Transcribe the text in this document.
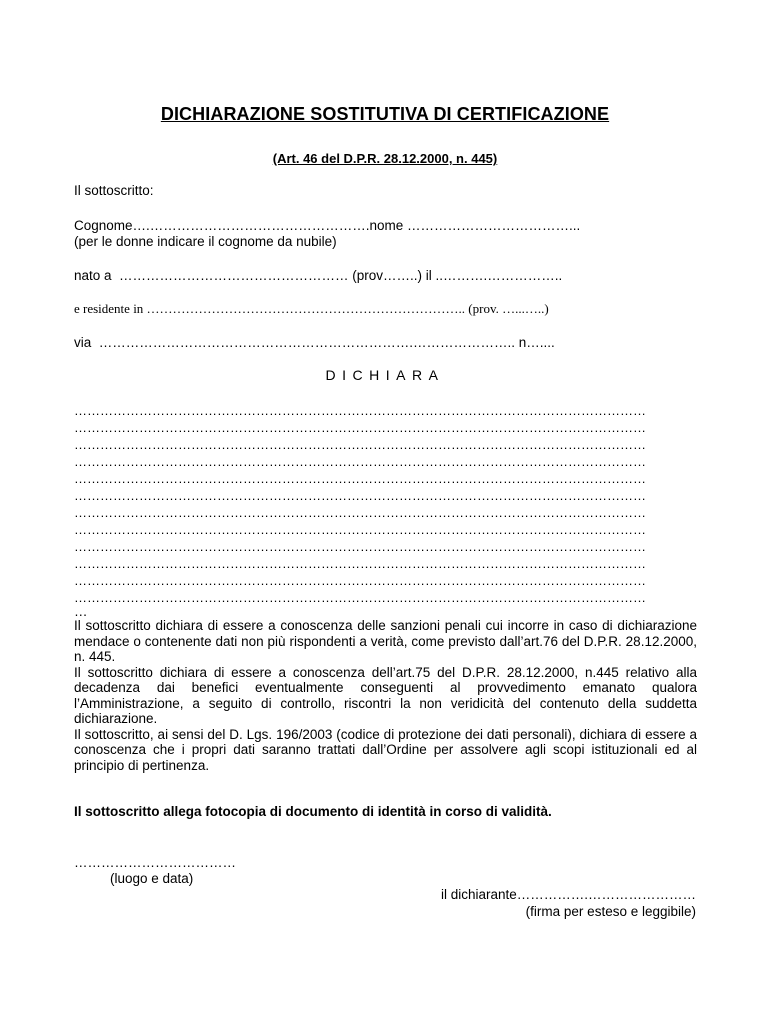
DICHIARAZIONE SOSTITUTIVA DI CERTIFICAZIONE
(Art. 46 del D.P.R. 28.12.2000, n. 445)
Il sottoscritto:
Cognome….………………………………………….nome ………………………………...
(per le donne indicare il cognome da nubile)
nato a  …………………………………………… (prov……..) il ..……….……………..
e residente in ……………………………………………………………….. (prov. …...…..)
via  …………………………………………………………….………………….. n…....
DICHIARA
……………………………………………………………………………………………………………………
……………………………………………………………………………………………………………………
……………………………………………………………………………………………………………………
……………………………………………………………………………………………………………………
……………………………………………………………………………………………………………………
……………………………………………………………………………………………………………………
……………………………………………………………………………………………………………………
……………………………………………………………………………………………………………………
……………………………………………………………………………………………………………………
……………………………………………………………………………………………………………………
……………………………………………………………………………………………………………………
……………………………………………………………………………………………………………………
…

Il sottoscritto dichiara di essere a conoscenza delle sanzioni penali cui incorre in caso di dichiarazione mendace o contenente dati non più rispondenti a verità, come previsto dall’art.76 del D.P.R. 28.12.2000, n. 445.

Il sottoscritto dichiara di essere a conoscenza dell’art.75 del D.P.R. 28.12.2000, n.445 relativo alla decadenza dai benefici eventualmente conseguenti al provvedimento emanato qualora l’Amministrazione, a seguito di controllo, riscontri la non veridicità del contenuto della suddetta dichiarazione.

Il sottoscritto, ai sensi del D. Lgs. 196/2003 (codice di protezione dei dati personali), dichiara di essere a conoscenza che i propri dati saranno trattati dall’Ordine per assolvere agli scopi istituzionali ed al principio di pertinenza.

Il sottoscritto allega fotocopia di documento di identità in corso di validità.
………………………………
(luogo e data)
il dichiarante…………….……………………
(firma per esteso e leggibile)
